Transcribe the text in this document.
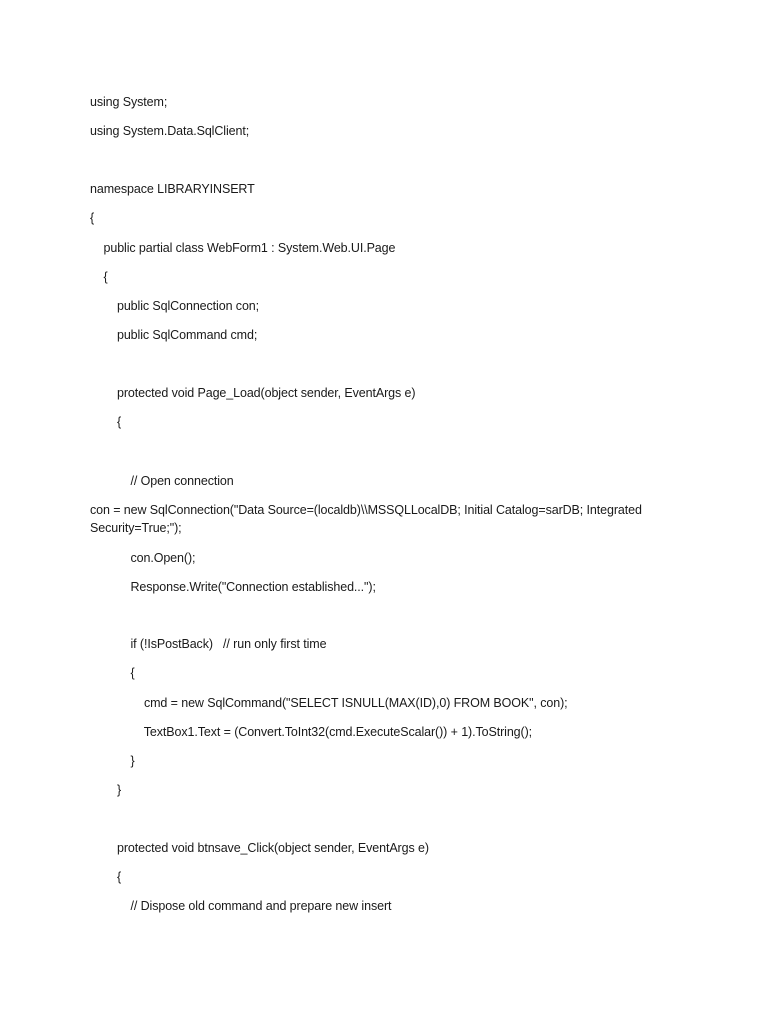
using System;
using System.Data.SqlClient;
namespace LIBRARYINSERT
{
public partial class WebForm1 : System.Web.UI.Page
{
public SqlConnection con;
public SqlCommand cmd;
protected void Page_Load(object sender, EventArgs e)
{
// Open connection
con = new SqlConnection("Data Source=(localdb)\\MSSQLLocalDB; Initial Catalog=sarDB; Integrated Security=True;");
con.Open();
Response.Write("Connection established...");
if (!IsPostBack)   // run only first time
{
cmd = new SqlCommand("SELECT ISNULL(MAX(ID),0) FROM BOOK", con);
TextBox1.Text = (Convert.ToInt32(cmd.ExecuteScalar()) + 1).ToString();
}
}
protected void btnsave_Click(object sender, EventArgs e)
{
// Dispose old command and prepare new insert
